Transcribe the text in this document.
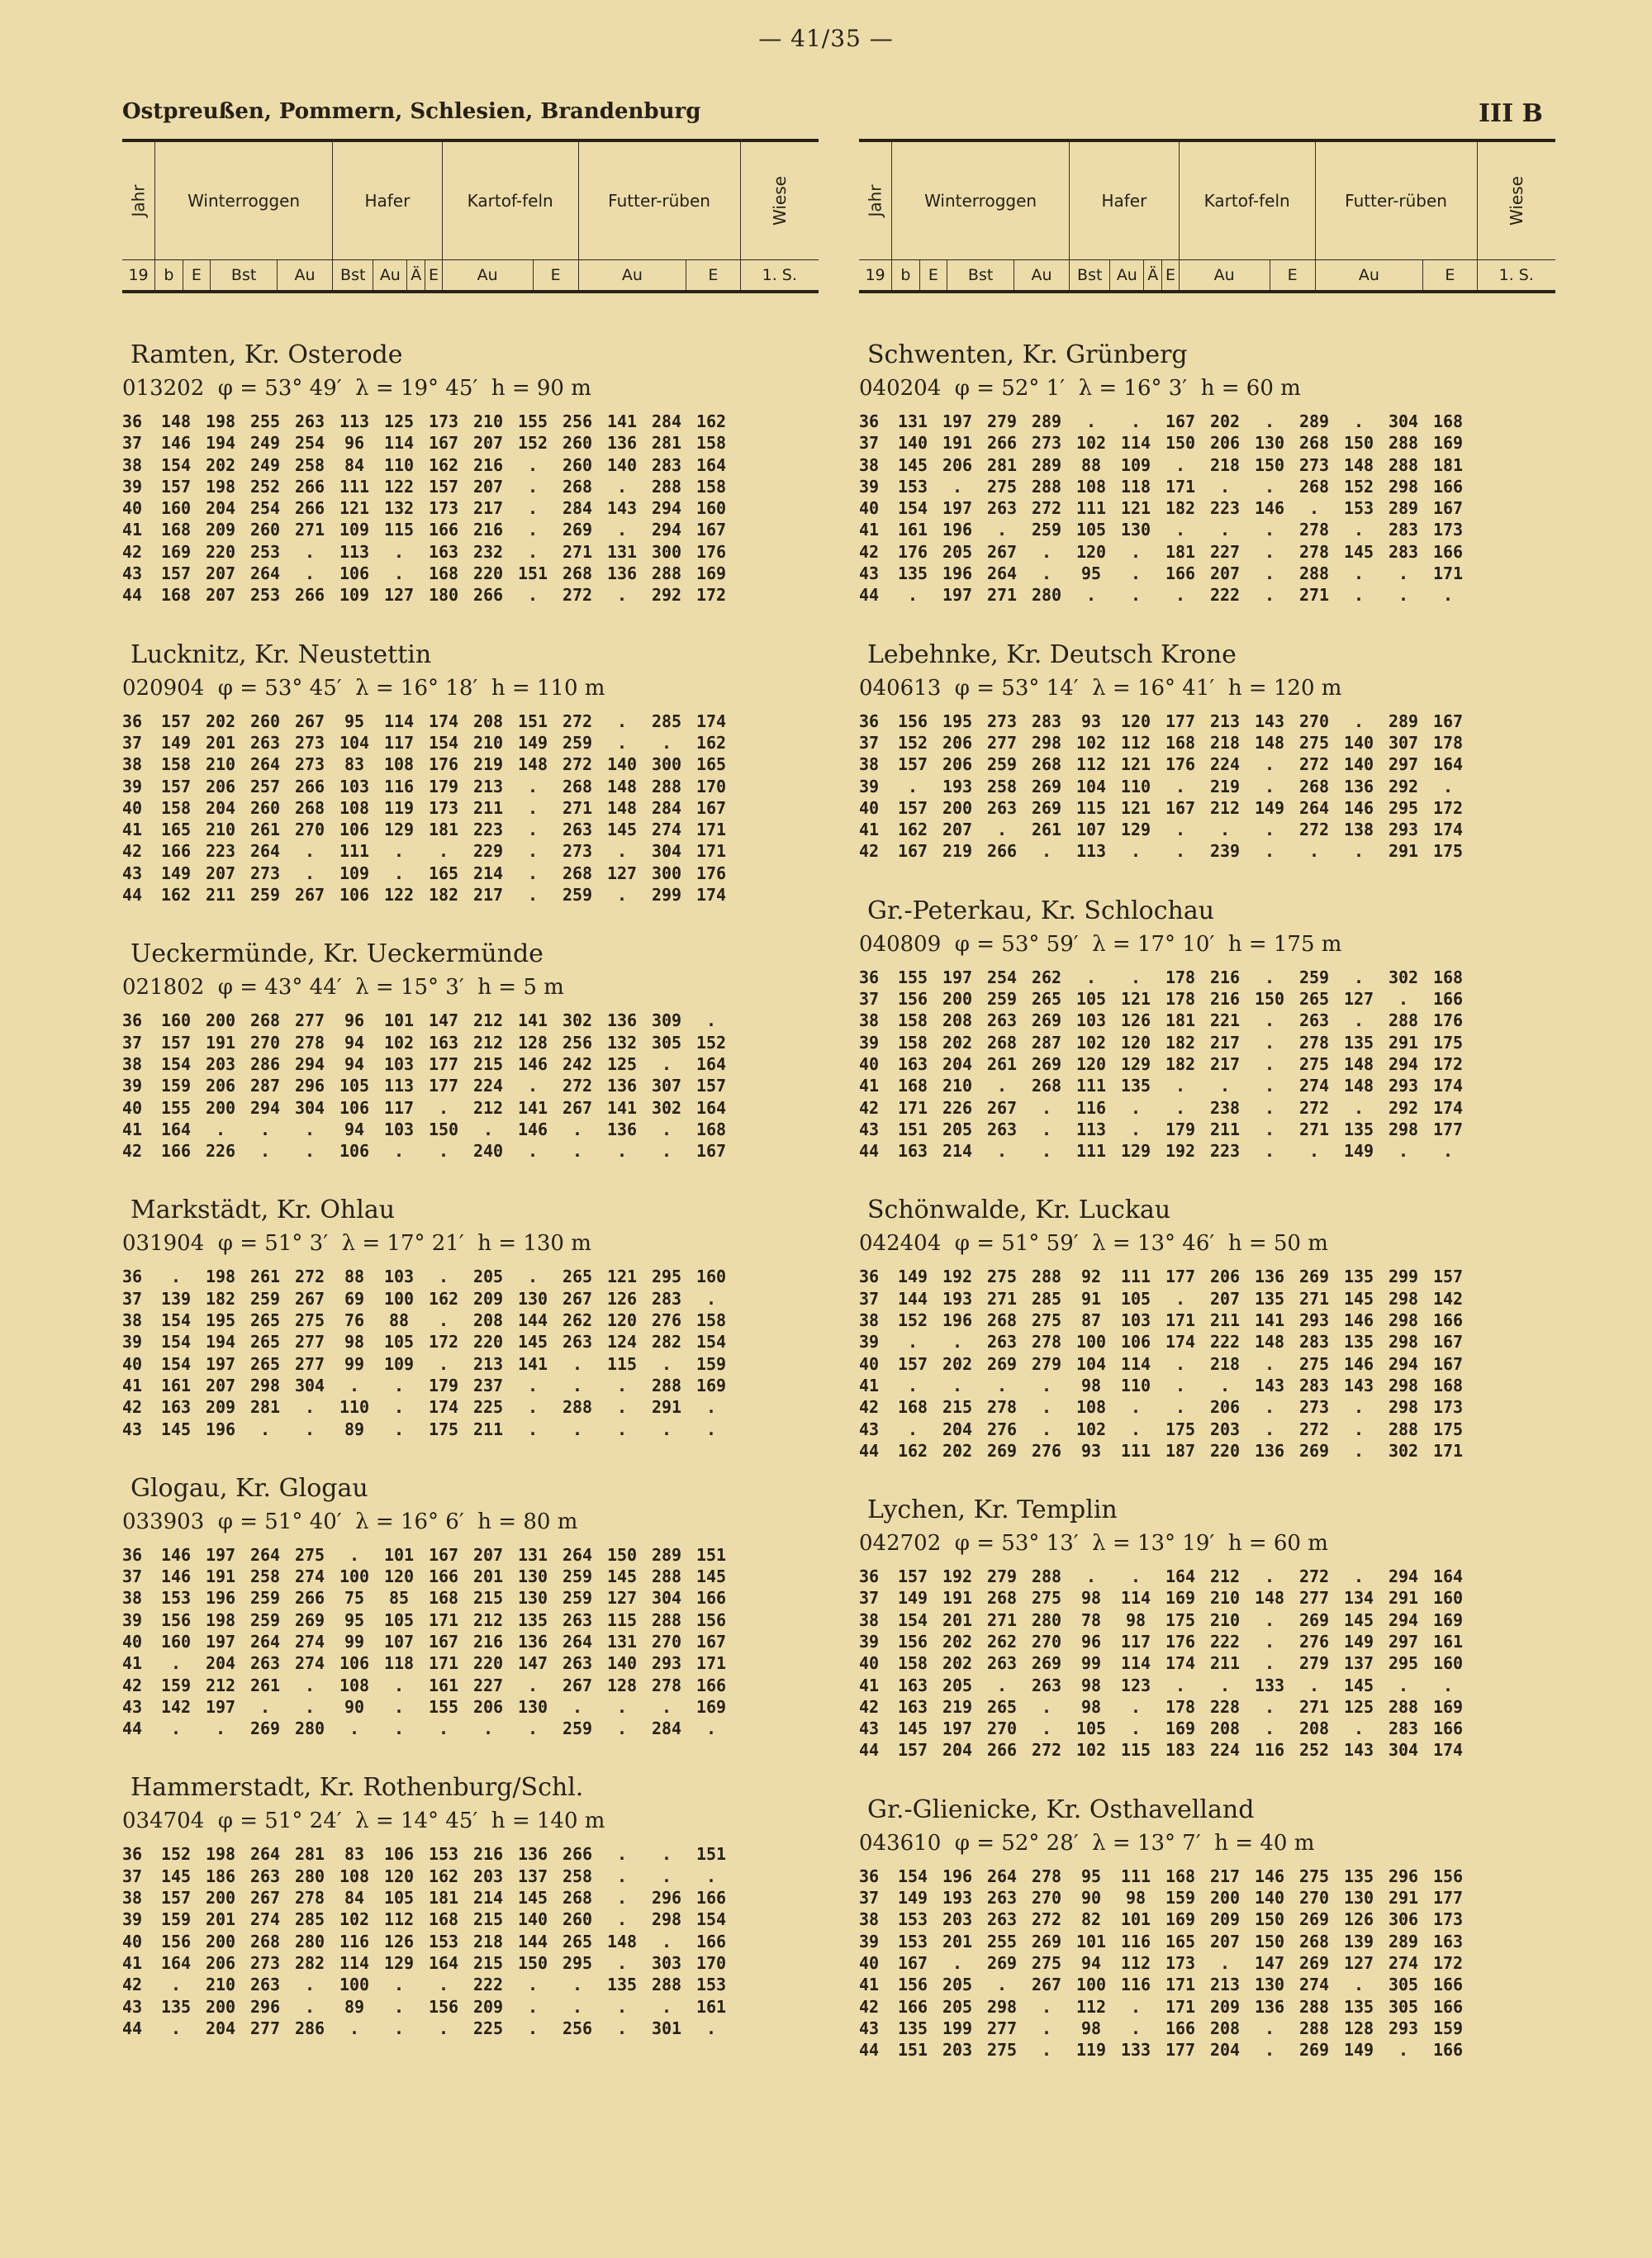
— 41/35 —
Ostpreußen, Pommern, Schlesien, Brandenburg	III B
Jahr	Winterroggen				Hafer				Kartof-feln		Futter-rüben		Wiese
19	b	E	Bst	Au	Bst	Au	Ä	E	Au	E	Au	E	1. S.
Ramten, Kr. Osterode
013202  φ = 53° 49′  λ = 19° 45′  h = 90 m
36	148 198 255 263 113 125 173 210 155 256 141 284 162
37	146 194 249 254	96	114 167 207 152 260 136 281 158
38	154 202 249 258	84	110 162 216	.	260 140 283 164
39	157 198 252 266 111 122 157 207	.	268	.	288 158
40	160 204 254 266 121 132 173 217	.	284 143 294 160
41	168 209 260 271 109 115 166 216	.	269	.	294 167
42	169 220 253	.	113	.	163 232	.	271 131 300 176
43	157 207 264	.	106	.	168 220 151 268 136 288 169
44	168 207 253 266 109 127 180 266	.	272	.	292 172
Lucknitz, Kr. Neustettin
020904  φ = 53° 45′  λ = 16° 18′  h = 110 m
36	157 202 260 267	95	114 174 208 151 272	.	285 174
37	149 201 263 273 104 117 154 210 149 259	.	.	162
38	158 210 264 273	83	108 176 219 148 272 140 300 165
39	157 206 257 266 103 116 179 213	.	268 148 288 170
40	158 204 260 268 108 119 173 211	.	271 148 284 167
41	165 210 261 270 106 129 181 223	.	263 145 274 171
42	166 223 264	.	111	.	.	229	.	273	.	304 171
43	149 207 273	.	109	.	165 214	.	268 127 300 176
44	162 211 259 267 106 122 182 217	.	259	.	299 174
Ueckermünde, Kr. Ueckermünde
021802  φ = 43° 44′  λ = 15° 3′  h = 5 m
36	160 200 268 277	96	101 147 212 141 302 136 309	.
37	157 191 270 278	94	102 163 212 128 256 132 305 152
38	154 203 286 294	94	103 177 215 146 242 125	.	164
39	159 206 287 296 105 113 177 224	.	272 136 307 157
40	155 200 294 304 106 117	.	212 141 267 141 302 164
41	164	.	.	.	94	103 150	.	146	.	136	.	168
42	166 226	.	.	106	.	.	240	.	.	.	.	167
Markstädt, Kr. Ohlau
031904  φ = 51° 3′  λ = 17° 21′  h = 130 m
36	.	198 261 272	88	103	.	205	.	265 121 295 160
37	139 182 259 267	69	100 162 209 130 267 126 283	.
38	154 195 265 275	76	88	.	208 144 262 120 276 158
39	154 194 265 277	98	105 172 220 145 263 124 282 154
40	154 197 265 277	99	109	.	213 141	.	115	.	159
41	161 207 298 304	.	.	179 237	.	.	.	288 169
42	163 209 281	.	110	.	174 225	.	288	.	291	.
43	145 196	.	.	89	.	175 211	.	.	.	.	.
Glogau, Kr. Glogau
033903  φ = 51° 40′  λ = 16° 6′  h = 80 m
36	146 197 264 275	.	101 167 207 131 264 150 289 151
37	146 191 258 274 100 120 166 201 130 259 145 288 145
38	153 196 259 266	75	85	168 215 130 259 127 304 166
39	156 198 259 269	95	105 171 212 135 263 115 288 156
40	160 197 264 274	99	107 167 216 136 264 131 270 167
41	.	204 263 274 106 118 171 220 147 263 140 293 171
42	159 212 261	.	108	.	161 227	.	267 128 278 166
43	142 197	.	.	90	.	155 206 130	.	.	.	169
44	.	.	269 280	.	.	.	.	.	259	.	284	.
Hammerstadt, Kr. Rothenburg/Schl.
034704  φ = 51° 24′  λ = 14° 45′  h = 140 m
36	152 198 264 281	83	106 153 216 136 266	.	.	151
37	145 186 263 280 108 120 162 203 137 258	.	.	.
38	157 200 267 278	84	105 181 214 145 268	.	296 166
39	159 201 274 285 102 112 168 215 140 260	.	298 154
40	156 200 268 280 116 126 153 218 144 265 148	.	166
41	164 206 273 282 114 129 164 215 150 295	.	303 170
42	.	210 263	.	100	.	.	222	.	.	135 288 153
43	135 200 296	.	89	.	156 209	.	.	.	.	161
44	.	204 277 286	.	.	.	225	.	256	.	301	.
Jahr	Winterroggen				Hafer				Kartof-feln		Futter-rüben		Wiese
19	b	E	Bst	Au	Bst	Au	Ä	E	Au	E	Au	E	1. S.
Schwenten, Kr. Grünberg
040204  φ = 52° 1′  λ = 16° 3′  h = 60 m
36	131 197 279 289	.	.	167 202	.	289	.	304 168
37	140 191 266 273 102 114 150 206 130 268 150 288 169
38	145 206 281 289	88	109	.	218 150 273 148 288 181
39	153	.	275 288 108 118 171	.	.	268 152 298 166
40	154 197 263 272 111 121 182 223 146	.	153 289 167
41	161 196	.	259 105 130	.	.	.	278	.	283 173
42	176 205 267	.	120	.	181 227	.	278 145 283 166
43	135 196 264	.	95	.	166 207	.	288	.	.	171
44	.	197 271 280	.	.	.	222	.	271	.	.	.
Lebehnke, Kr. Deutsch Krone
040613  φ = 53° 14′  λ = 16° 41′  h = 120 m
36	156 195 273 283	93	120 177 213 143 270	.	289 167
37	152 206 277 298 102 112 168 218 148 275 140 307 178
38	157 206 259 268 112 121 176 224	.	272 140 297 164
39	.	193 258 269 104 110	.	219	.	268 136 292	.
40	157 200 263 269 115 121 167 212 149 264 146 295 172
41	162 207	.	261 107 129	.	.	.	272 138 293 174
42	167 219 266	.	113	.	.	239	.	.	.	291 175
Gr.-Peterkau, Kr. Schlochau
040809  φ = 53° 59′  λ = 17° 10′  h = 175 m
36	155 197 254 262	.	.	178 216	.	259	.	302 168
37	156 200 259 265 105 121 178 216 150 265 127	.	166
38	158 208 263 269 103 126 181 221	.	263	.	288 176
39	158 202 268 287 102 120 182 217	.	278 135 291 175
40	163 204 261 269 120 129 182 217	.	275 148 294 172
41	168 210	.	268 111 135	.	.	.	274 148 293 174
42	171 226 267	.	116	.	.	238	.	272	.	292 174
43	151 205 263	.	113	.	179 211	.	271 135 298 177
44	163 214	.	.	111 129 192 223	.	.	149	.	.
Schönwalde, Kr. Luckau
042404  φ = 51° 59′  λ = 13° 46′  h = 50 m
36	149 192 275 288	92	111 177 206 136 269 135 299 157
37	144 193 271 285	91	105	.	207 135 271 145 298 142
38	152 196 268 275	87	103 171 211 141 293 146 298 166
39	.	.	263 278 100 106 174 222 148 283 135 298 167
40	157 202 269 279 104 114	.	218	.	275 146 294 167
41	.	.	.	.	98	110	.	.	143 283 143 298 168
42	168 215 278	.	108	.	.	206	.	273	.	298 173
43	.	204 276	.	102	.	175 203	.	272	.	288 175
44	162 202 269 276	93	111 187 220 136 269	.	302 171
Lychen, Kr. Templin
042702  φ = 53° 13′  λ = 13° 19′  h = 60 m
36	157 192 279 288	.	.	164 212	.	272	.	294 164
37	149 191 268 275	98	114 169 210 148 277 134 291 160
38	154 201 271 280	78	98	175 210	.	269 145 294 169
39	156 202 262 270	96	117 176 222	.	276 149 297 161
40	158 202 263 269	99	114 174 211	.	279 137 295 160
41	163 205	.	263	98	123	.	.	133	.	145	.	.
42	163 219 265	.	98	.	178 228	.	271 125 288 169
43	145 197 270	.	105	.	169 208	.	208	.	283 166
44	157 204 266 272 102 115 183 224 116 252 143 304 174
Gr.-Glienicke, Kr. Osthavelland
043610  φ = 52° 28′  λ = 13° 7′  h = 40 m
36	154 196 264 278	95	111 168 217 146 275 135 296 156
37	149 193 263 270	90	98	159 200 140 270 130 291 177
38	153 203 263 272	82	101 169 209 150 269 126 306 173
39	153 201 255 269 101 116 165 207 150 268 139 289 163
40	167	.	269 275	94	112 173	.	147 269 127 274 172
41	156 205	.	267 100 116 171 213 130 274	.	305 166
42	166 205 298	.	112	.	171 209 136 288 135 305 166
43	135 199 277	.	98	.	166 208	.	288 128 293 159
44	151 203 275	.	119 133 177 204	.	269 149	.	166
